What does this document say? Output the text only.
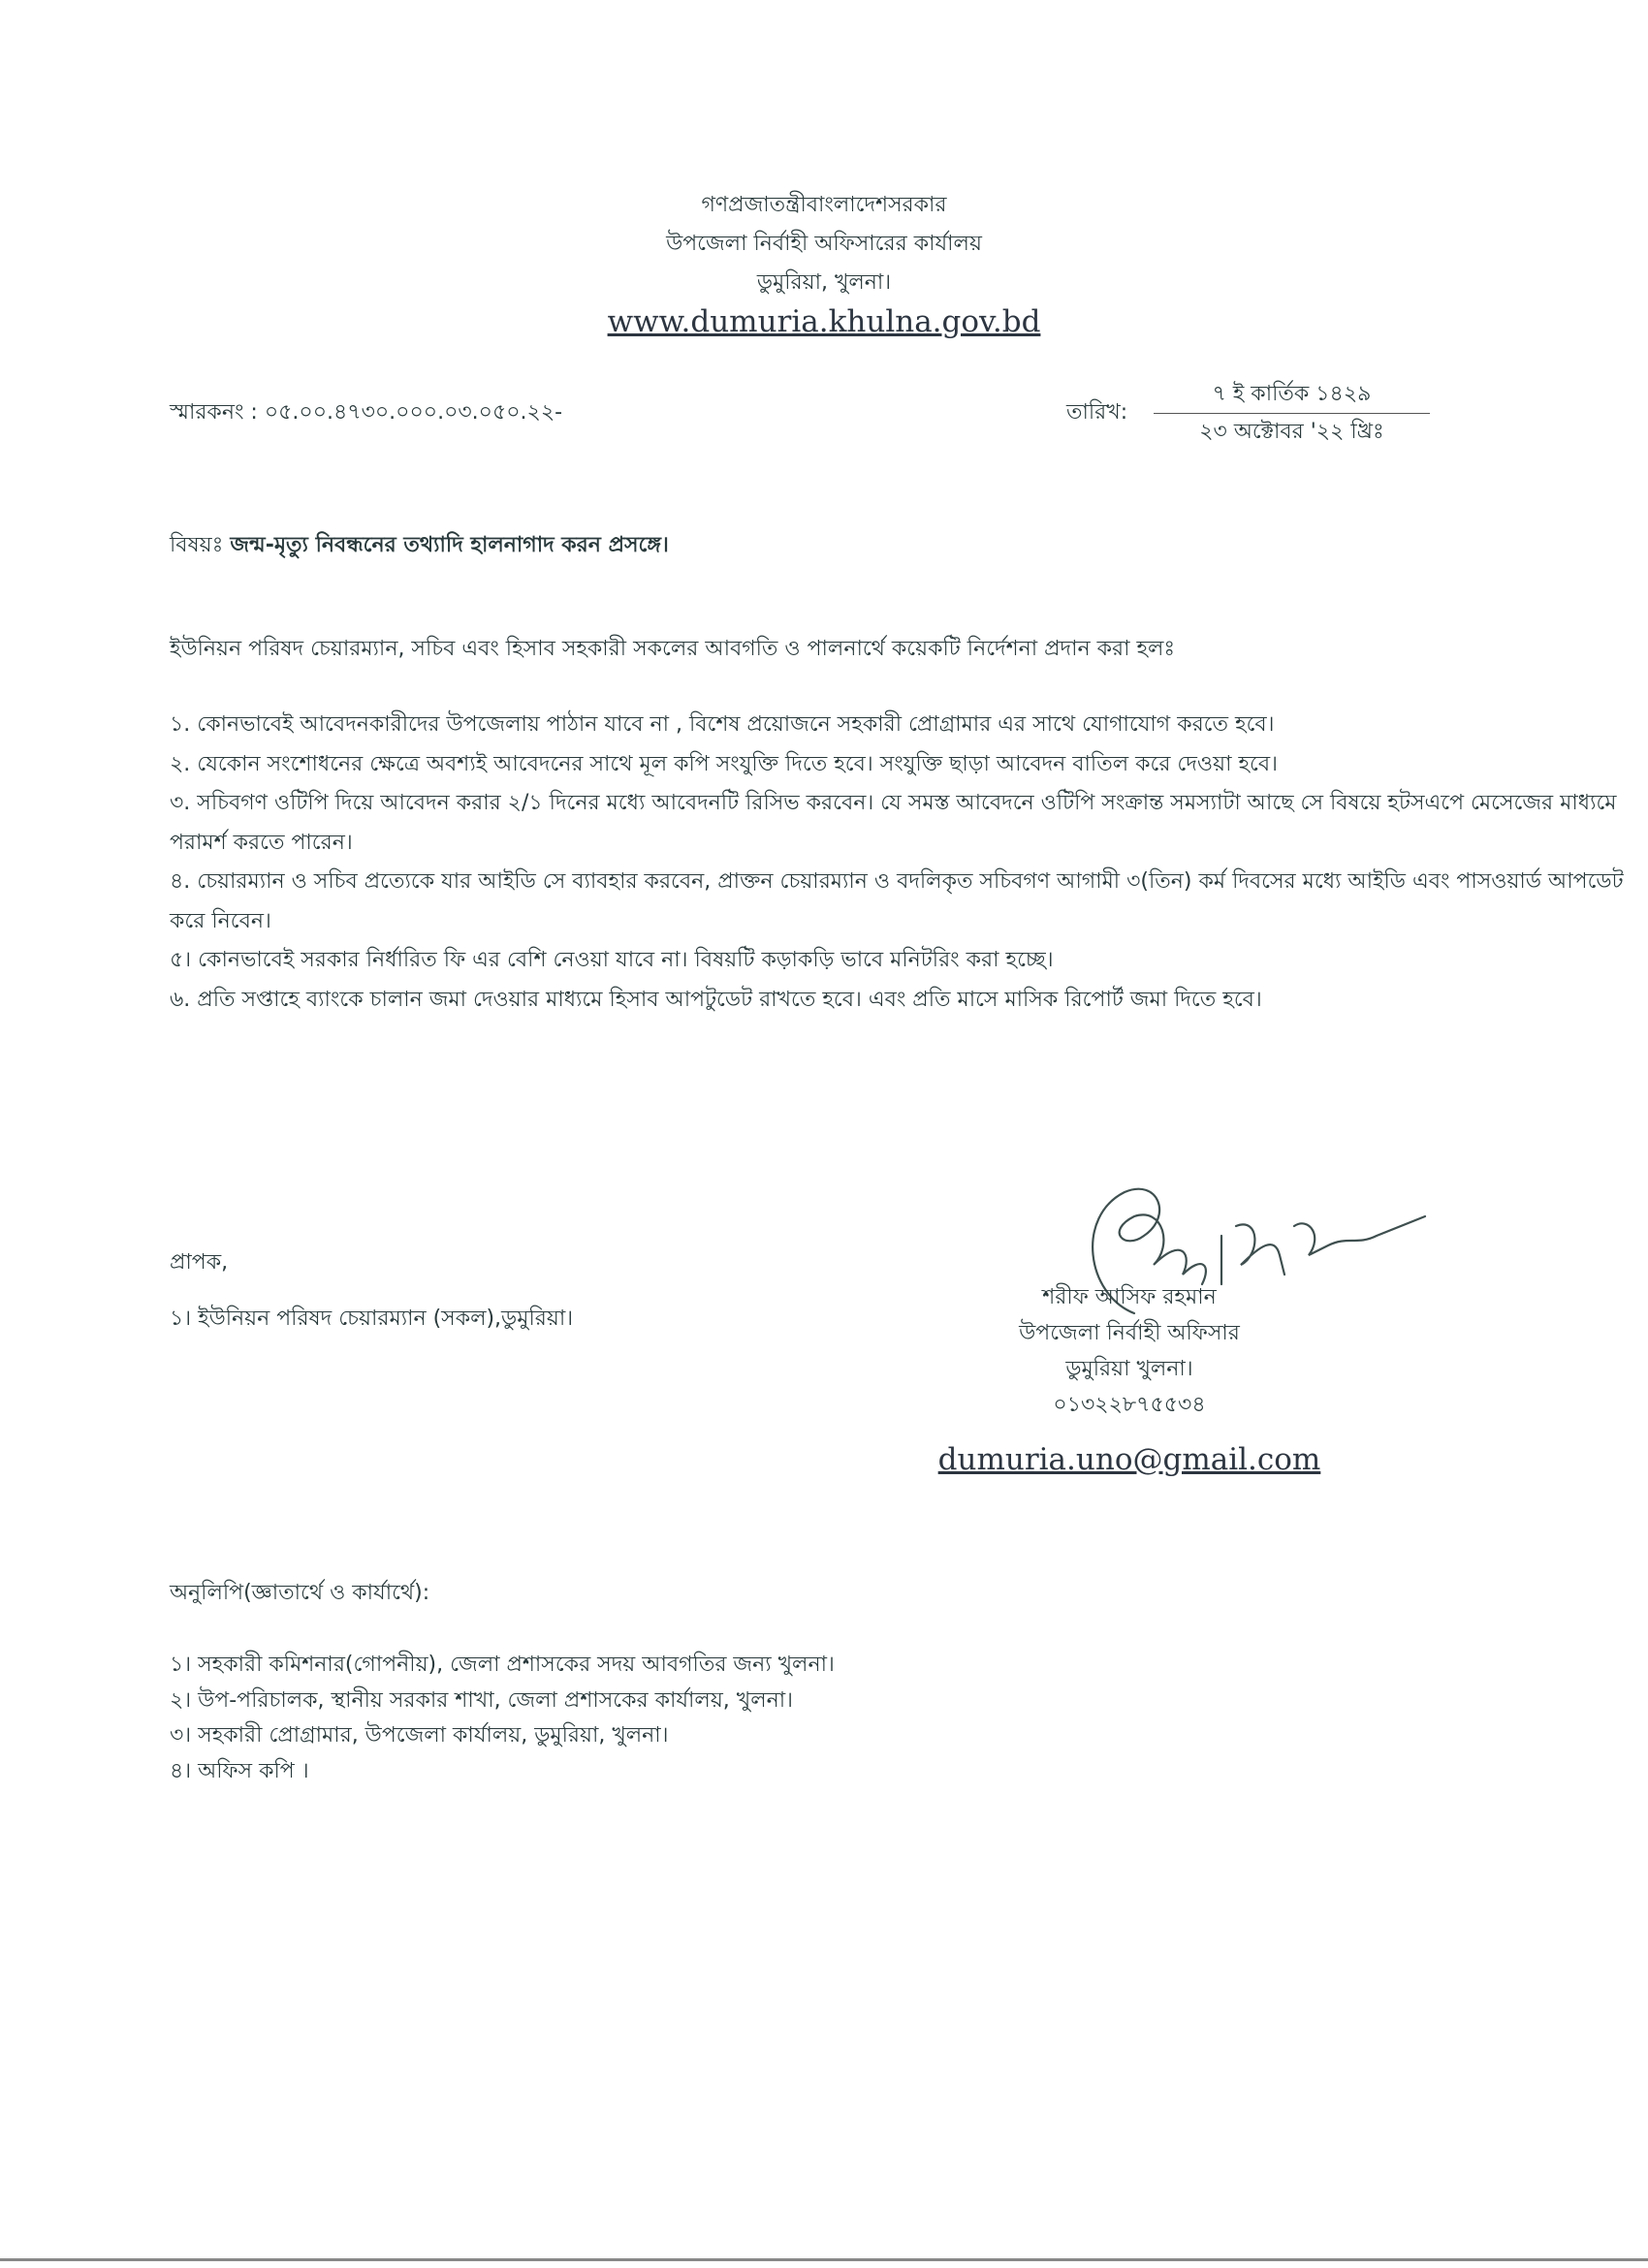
গণপ্রজাতন্ত্রীবাংলাদেশসরকার
উপজেলা নির্বাহী অফিসারের কার্যালয়
ডুমুরিয়া, খুলনা।
www.dumuria.khulna.gov.bd
স্মারকনং : ০৫.০০.৪৭৩০.০০০.০৩.০৫০.২২-	তারিখ:
৭ ই কার্তিক ১৪২৯
২৩ অক্টোবর '২২ খ্রিঃ
বিষয়ঃ জন্ম-মৃত্যু নিবন্ধনের তথ্যাদি হালনাগাদ করন প্রসঙ্গে।
ইউনিয়ন পরিষদ চেয়ারম্যান, সচিব এবং হিসাব সহকারী সকলের আবগতি ও পালনার্থে কয়েকটি নির্দেশনা প্রদান করা হলঃ
১. কোনভাবেই আবেদনকারীদের উপজেলায় পাঠান যাবে না , বিশেষ প্রয়োজনে সহকারী প্রোগ্রামার এর সাথে যোগাযোগ করতে হবে।
২. যেকোন সংশোধনের ক্ষেত্রে অবশ্যই আবেদনের সাথে মূল কপি সংযুক্তি দিতে হবে। সংযুক্তি ছাড়া আবেদন বাতিল করে দেওয়া হবে।
৩. সচিবগণ ওটিপি দিয়ে আবেদন করার ২/১ দিনের মধ্যে আবেদনটি রিসিভ করবেন। যে সমস্ত আবেদনে ওটিপি সংক্রান্ত সমস্যাটা আছে সে বিষয়ে হটসএপে মেসেজের মাধ্যমে পরামর্শ করতে পারেন।
৪. চেয়ারম্যান ও সচিব প্রত্যেকে যার আইডি সে ব্যাবহার করবেন, প্রাক্তন চেয়ারম্যান ও বদলিকৃত সচিবগণ আগামী ৩(তিন) কর্ম দিবসের মধ্যে আইডি এবং পাসওয়ার্ড আপডেট করে নিবেন।
৫। কোনভাবেই সরকার নির্ধারিত ফি এর বেশি নেওয়া যাবে না। বিষয়টি কড়াকড়ি ভাবে মনিটরিং করা হচ্ছে।
৬. প্রতি সপ্তাহে ব্যাংকে চালান জমা দেওয়ার মাধ্যমে হিসাব আপটুডেট রাখতে হবে। এবং প্রতি মাসে মাসিক রিপোর্ট জমা দিতে হবে।
প্রাপক,
১। ইউনিয়ন পরিষদ চেয়ারম্যান (সকল),ডুমুরিয়া।
শরীফ আসিফ রহমান
উপজেলা নির্বাহী অফিসার
ডুমুরিয়া খুলনা।
০১৩২২৮৭৫৫৩৪
dumuria.uno@gmail.com
অনুলিপি(জ্ঞাতার্থে ও কার্যার্থে):
১। সহকারী কমিশনার(গোপনীয়), জেলা প্রশাসকের সদয় আবগতির জন্য খুলনা।
২। উপ-পরিচালক, স্থানীয় সরকার শাখা, জেলা প্রশাসকের কার্যালয়, খুলনা।
৩। সহকারী প্রোগ্রামার, উপজেলা কার্যালয়, ডুমুরিয়া, খুলনা।
৪। অফিস কপি ।
